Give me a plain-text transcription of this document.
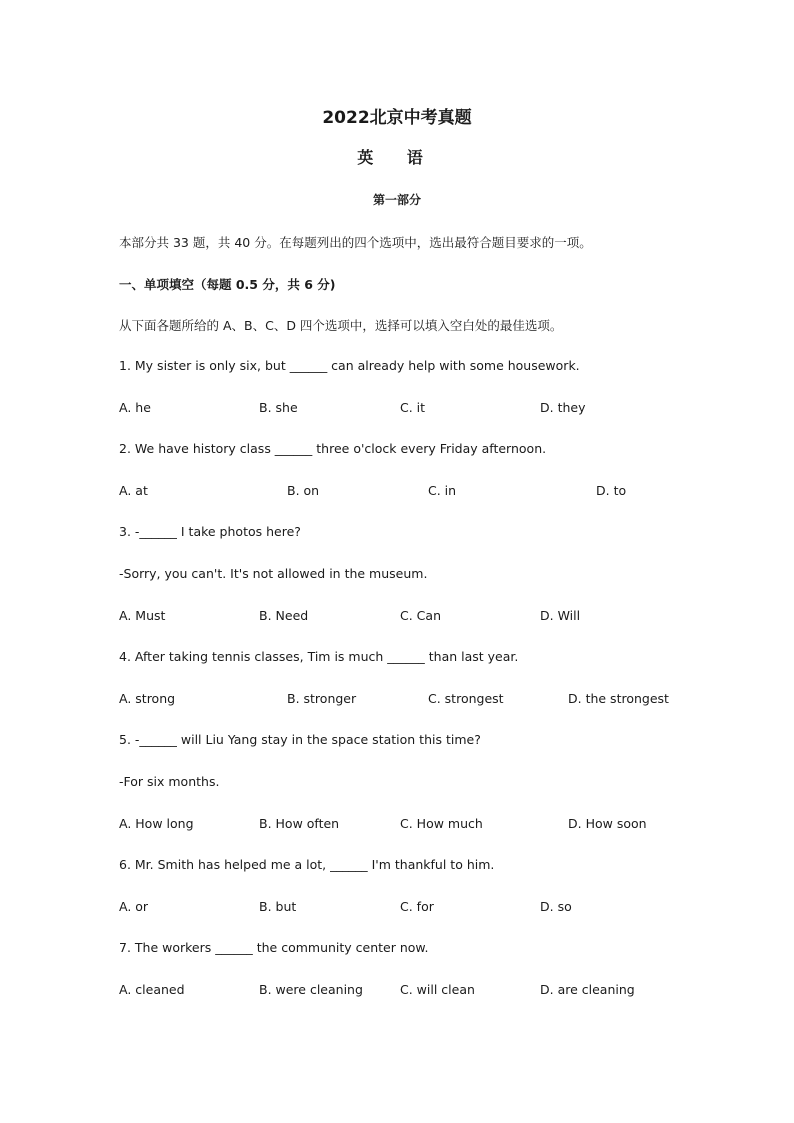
2022北京中考真题
英 语
第一部分
本部分共 33 题，共 40 分。在每题列出的四个选项中，选出最符合题目要求的一项。
一、单项填空（每题 0.5 分，共 6 分)
从下面各题所给的 A、B、C、D 四个选项中，选择可以填入空白处的最佳选项。
1. My sister is only six, but ______ can already help with some housework.
A. he	B. she	C. it	D. they
2. We have history class ______ three o'clock every Friday afternoon.
A. at	B. on	C. in	D. to
3. -______ I take photos here?
-Sorry, you can't. It's not allowed in the museum.
A. Must	B. Need	C. Can	D. Will
4. After taking tennis classes, Tim is much ______ than last year.
A. strong	B. stronger	C. strongest	D. the strongest
5. -______ will Liu Yang stay in the space station this time?
-For six months.
A. How long	B. How often	C. How much	D. How soon
6. Mr. Smith has helped me a lot, ______ I'm thankful to him.
A. or	B. but	C. for	D. so
7. The workers ______ the community center now.
A. cleaned	B. were cleaning	C. will clean	D. are cleaning
